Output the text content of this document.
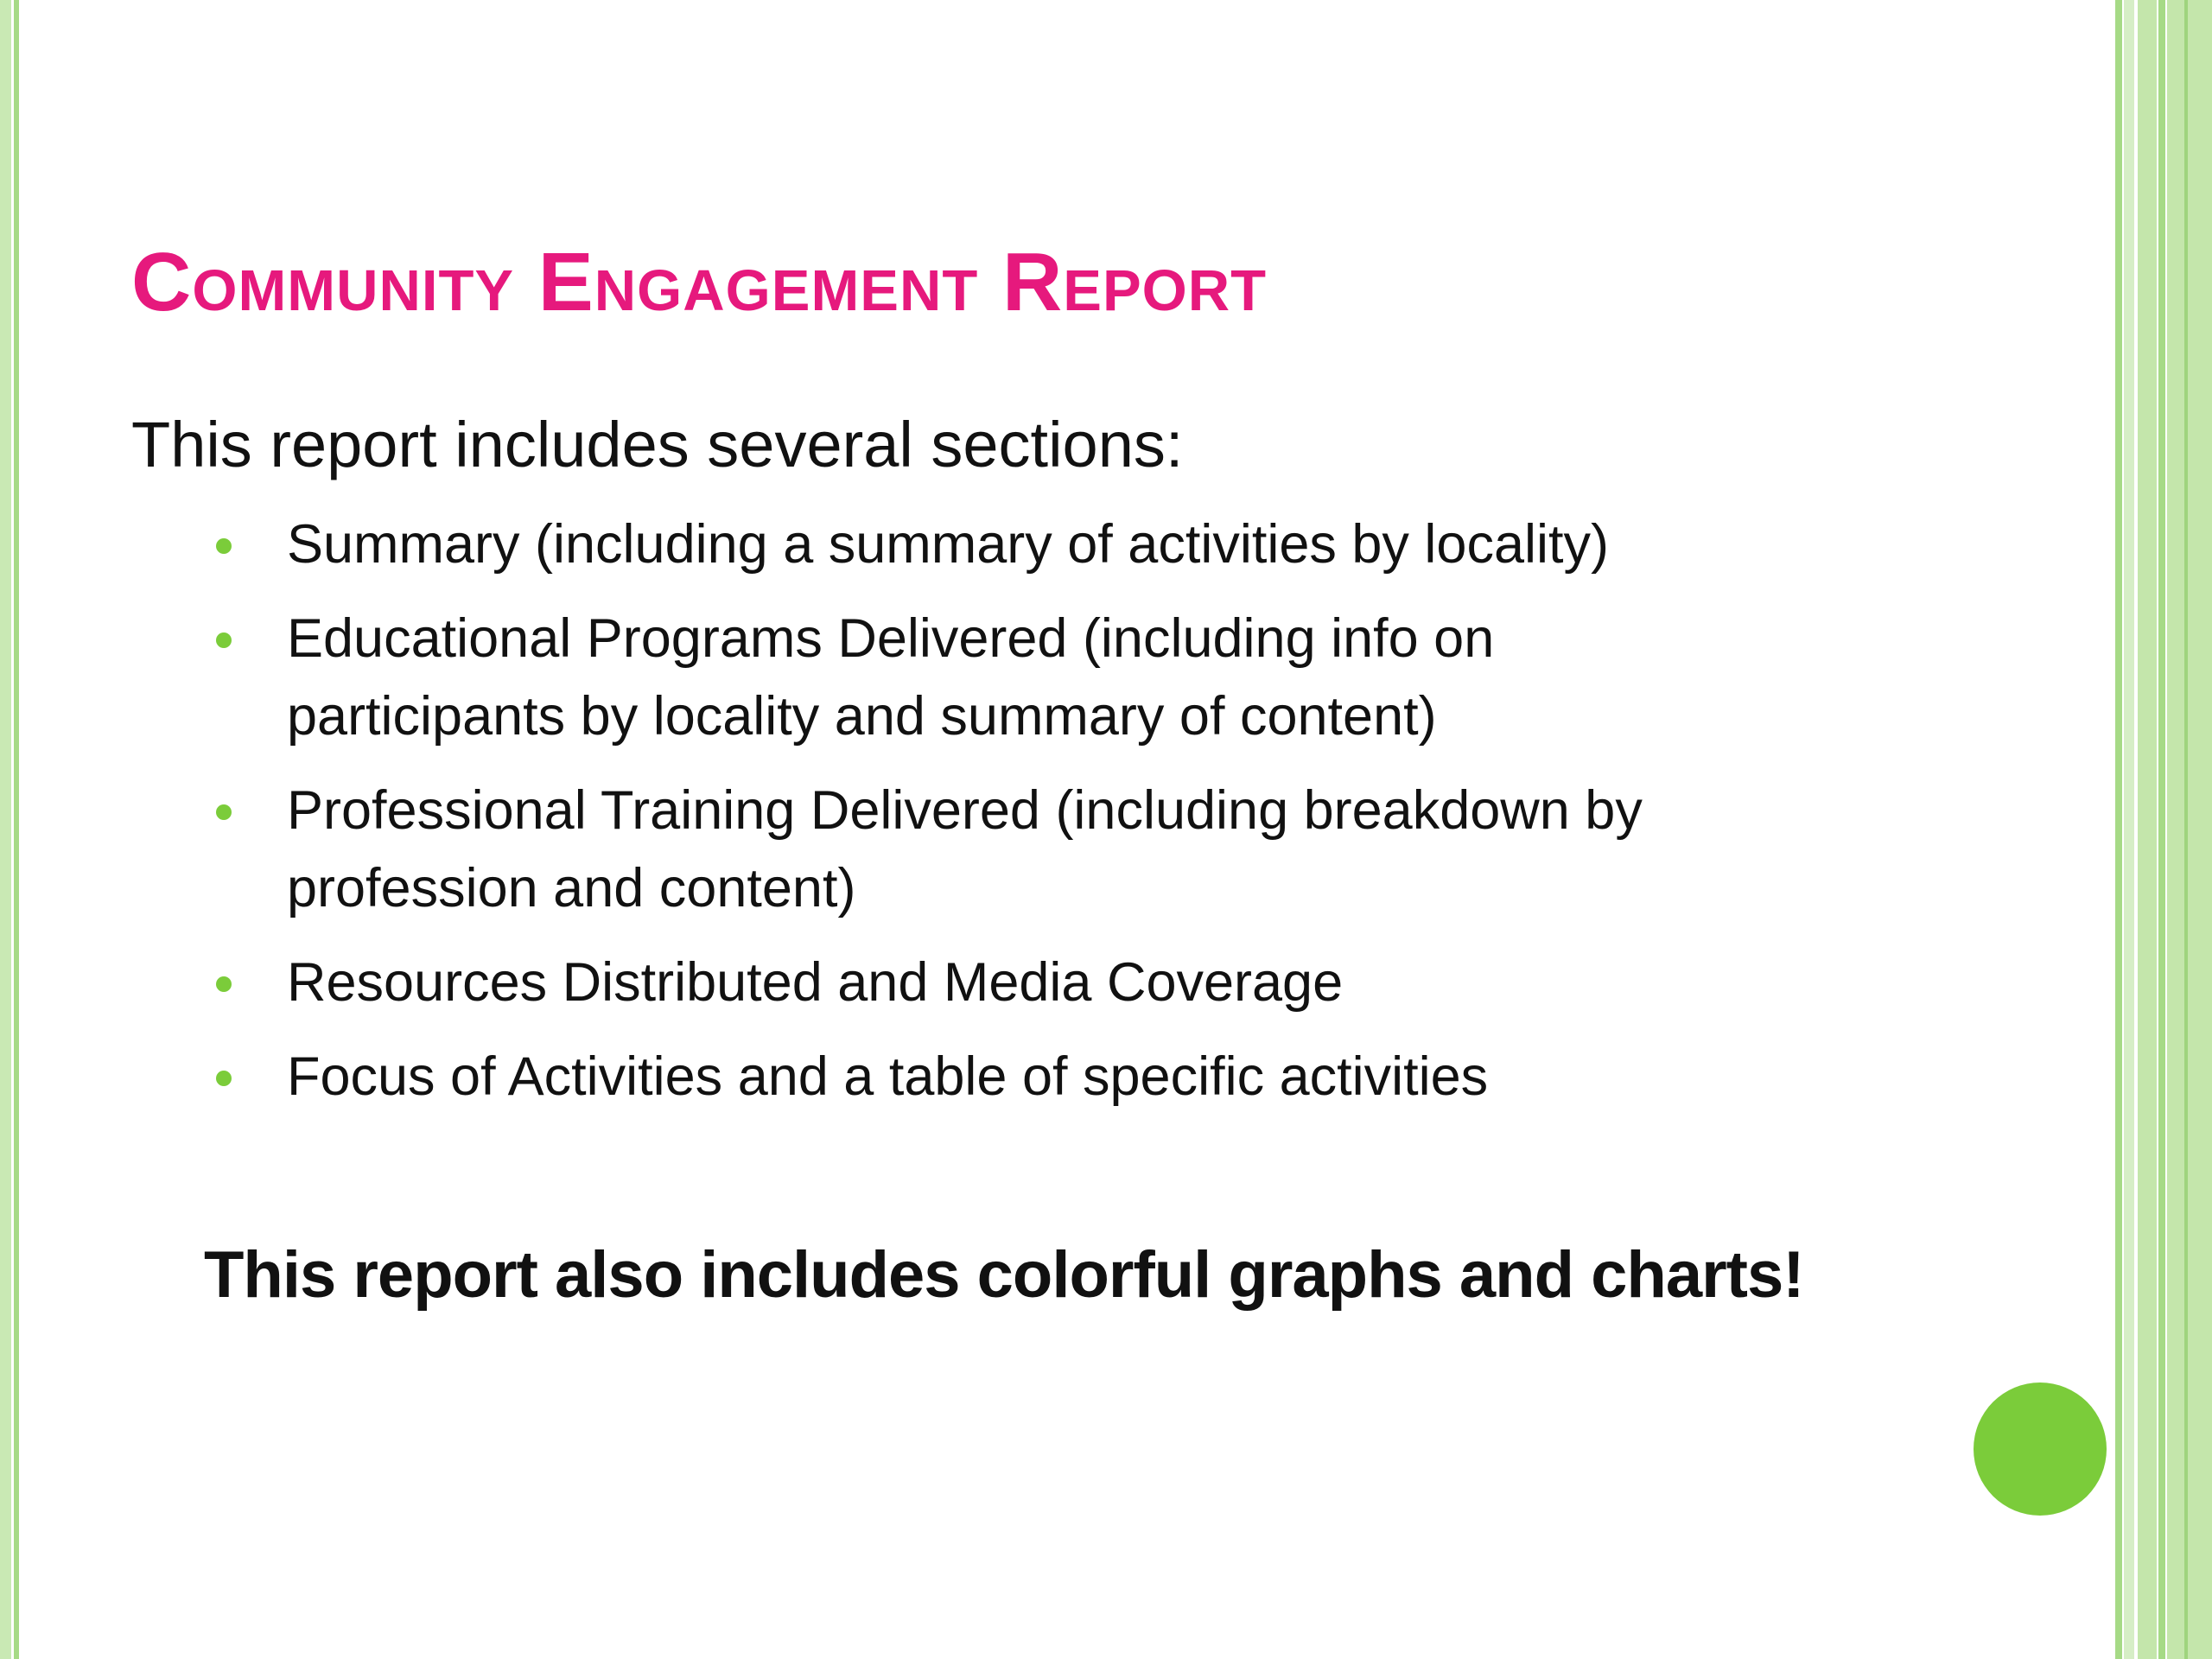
Community Engagement Report
This report includes several sections:
Summary (including a summary of activities by locality)
Educational Programs Delivered (including info on participants by locality and summary of content)
Professional Training Delivered (including breakdown by profession and content)
Resources Distributed and Media Coverage
Focus of Activities and a table of specific activities
This report also includes colorful graphs and charts!
